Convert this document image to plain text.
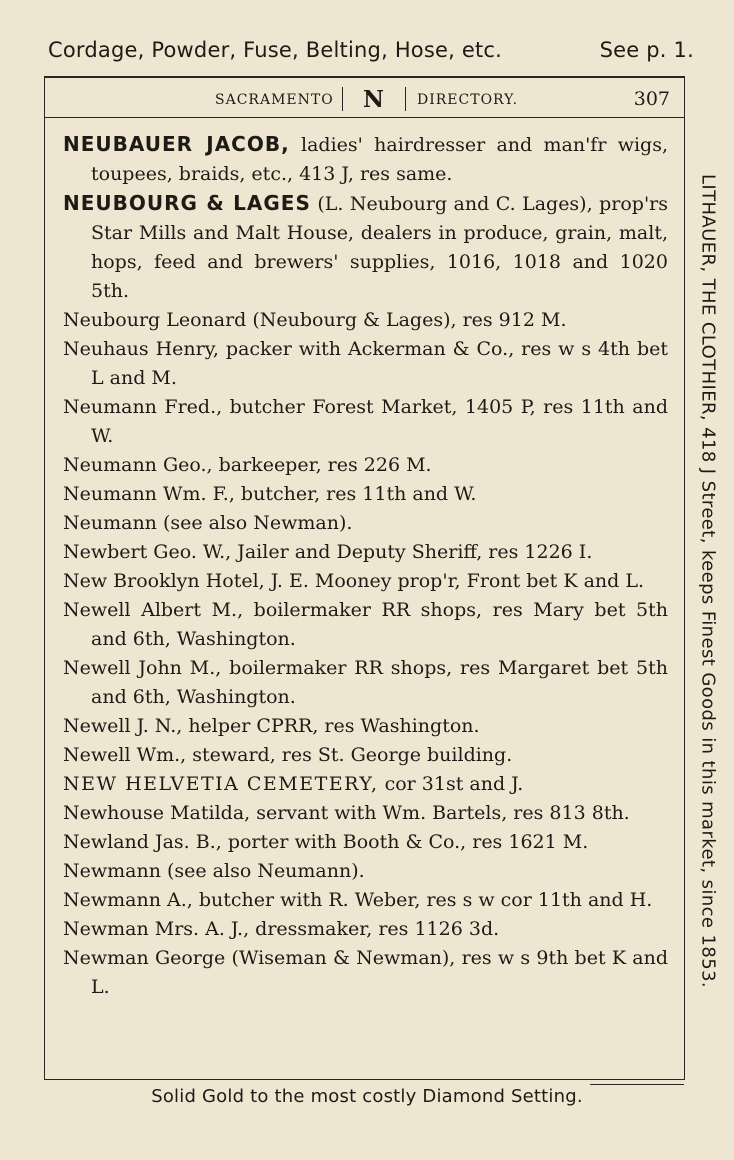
Cordage, Powder, Fuse, Belting, Hose, etc.	See p. 1.
SACRAMENTO	N	DIRECTORY.	307
NEUBAUER JACOB, ladies' hairdresser and man'fr wigs, toupees, braids, etc., 413 J, res same.
NEUBOURG & LAGES (L. Neubourg and C. Lages), prop'rs Star Mills and Malt House, dealers in produce, grain, malt, hops, feed and brewers' supplies, 1016, 1018 and 1020 5th.
Neubourg Leonard (Neubourg & Lages), res 912 M.
Neuhaus Henry, packer with Ackerman & Co., res w s 4th bet L and M.
Neumann Fred., butcher Forest Market, 1405 P, res 11th and W.
Neumann Geo., barkeeper, res 226 M.
Neumann Wm. F., butcher, res 11th and W.
Neumann (see also Newman).
Newbert Geo. W., Jailer and Deputy Sheriff, res 1226 I.
New Brooklyn Hotel, J. E. Mooney prop'r, Front bet K and L.
Newell Albert M., boilermaker RR shops, res Mary bet 5th and 6th, Washington.
Newell John M., boilermaker RR shops, res Margaret bet 5th and 6th, Washington.
Newell J. N., helper CPRR, res Washington.
Newell Wm., steward, res St. George building.
NEW HELVETIA CEMETERY, cor 31st and J.
Newhouse Matilda, servant with Wm. Bartels, res 813 8th.
Newland Jas. B., porter with Booth & Co., res 1621 M.
Newmann (see also Neumann).
Newmann A., butcher with R. Weber, res s w cor 11th and H.
Newman Mrs. A. J., dressmaker, res 1126 3d.
Newman George (Wiseman & Newman), res w s 9th bet K and L.	LITHAUER, THE CLOTHIER, 418 J Street, keeps Finest Goods in this market, since 1853.
Solid Gold to the most costly Diamond Setting.
